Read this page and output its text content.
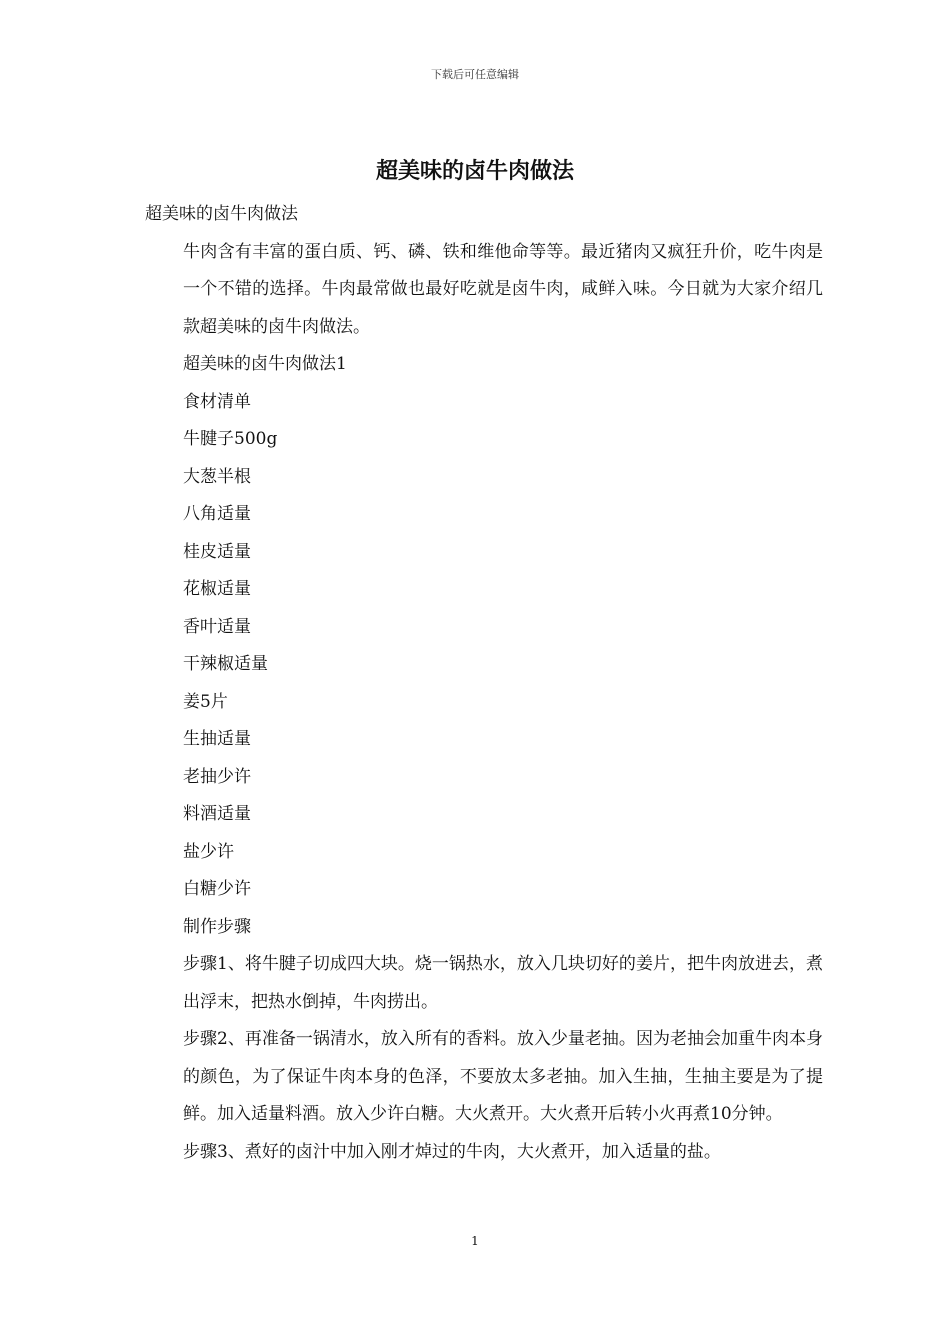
下载后可任意编辑
超美味的卤牛肉做法

超美味的卤牛肉做法

牛肉含有丰富的蛋白质、钙、磷、铁和维他命等等。最近猪肉又疯狂升价，吃牛肉是一个不错的选择。牛肉最常做也最好吃就是卤牛肉，咸鲜入味。今日就为大家介绍几款超美味的卤牛肉做法。

超美味的卤牛肉做法1

食材清单

牛腱子500g

大葱半根

八角适量

桂皮适量

花椒适量

香叶适量

干辣椒适量

姜5片

生抽适量

老抽少许

料酒适量

盐少许

白糖少许

制作步骤

步骤1、将牛腱子切成四大块。烧一锅热水，放入几块切好的姜片，把牛肉放进去，煮出浮末，把热水倒掉，牛肉捞出。

步骤2、再准备一锅清水，放入所有的香料。放入少量老抽。因为老抽会加重牛肉本身的颜色，为了保证牛肉本身的色泽，不要放太多老抽。加入生抽，生抽主要是为了提鲜。加入适量料酒。放入少许白糖。大火煮开。大火煮开后转小火再煮10分钟。

步骤3、煮好的卤汁中加入刚才焯过的牛肉，大火煮开，加入适量的盐。

1
